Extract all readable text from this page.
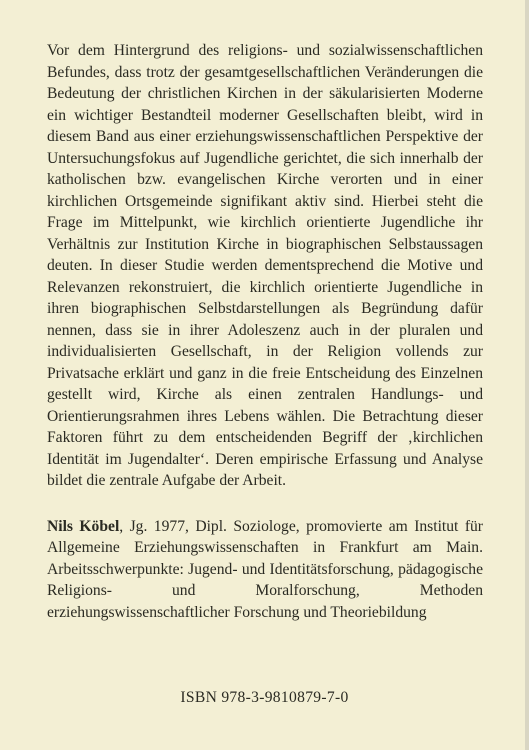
Vor dem Hintergrund des religions- und sozialwissenschaftlichen Befundes, dass trotz der gesamtgesellschaftlichen Veränderungen die Bedeutung der christlichen Kirchen in der säkularisierten Moderne ein wichtiger Bestandteil moderner Gesellschaften bleibt, wird in diesem Band aus einer erziehungswissenschaftlichen Perspektive der Untersuchungsfokus auf Jugendliche gerichtet, die sich innerhalb der katholischen bzw. evangelischen Kirche verorten und in einer kirchlichen Ortsgemeinde signifikant aktiv sind. Hierbei steht die Frage im Mittelpunkt, wie kirchlich orientierte Jugendliche ihr Verhältnis zur Institution Kirche in biographischen Selbstaussagen deuten. In dieser Studie werden dementsprechend die Motive und Relevanzen rekonstruiert, die kirchlich orientierte Jugendliche in ihren biographischen Selbstdarstellungen als Begründung dafür nennen, dass sie in ihrer Adoleszenz auch in der pluralen und individualisierten Gesellschaft, in der Religion vollends zur Privatsache erklärt und ganz in die freie Entscheidung des Einzelnen gestellt wird, Kirche als einen zentralen Handlungs- und Orientierungsrahmen ihres Lebens wählen. Die Betrachtung dieser Faktoren führt zu dem entscheidenden Begriff der ‚kirchlichen Identität im Jugendalter‘. Deren empirische Erfassung und Analyse bildet die zentrale Aufgabe der Arbeit.

Nils Köbel, Jg. 1977, Dipl. Soziologe, promovierte am Institut für Allgemeine Erziehungswissenschaften in Frankfurt am Main. Arbeitsschwerpunkte: Jugend- und Identitätsforschung, pädagogische Religions- und Moralforschung, Methoden erziehungswissenschaftlicher Forschung und Theoriebildung

ISBN 978-3-9810879-7-0
